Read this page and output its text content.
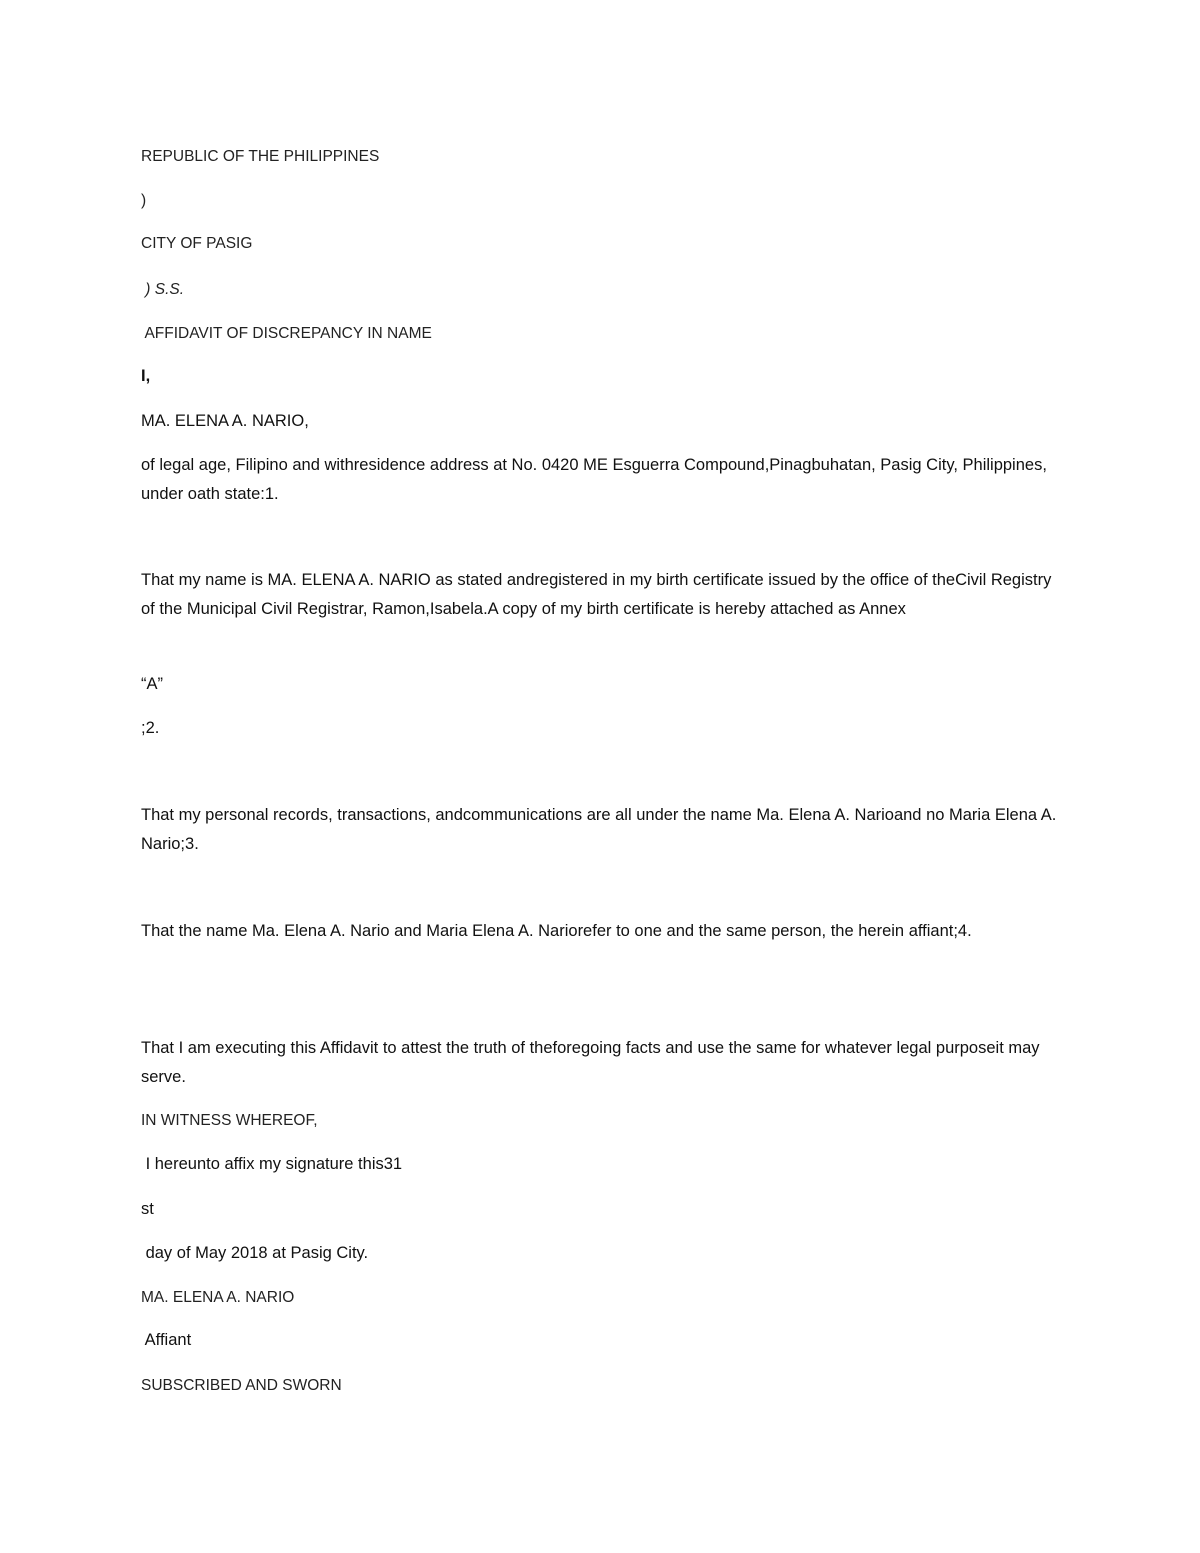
REPUBLIC OF THE PHILIPPINES
)
CITY OF PASIG
) S.S.
AFFIDAVIT OF DISCREPANCY IN NAME
I,
MA. ELENA A. NARIO,
of legal age, Filipino and withresidence address at No. 0420 ME Esguerra Compound,Pinagbuhatan, Pasig City, Philippines, under oath state:1.
That my name is MA. ELENA A. NARIO as stated andregistered in my birth certificate issued by the office of theCivil Registry of the Municipal Civil Registrar, Ramon,Isabela.A copy of my birth certificate is hereby attached as Annex
“A”
;2.
That my personal records, transactions, andcommunications are all under the name Ma. Elena A. Narioand no Maria Elena A. Nario;3.
That the name Ma. Elena A. Nario and Maria Elena A. Nariorefer to one and the same person, the herein affiant;4.
That I am executing this Affidavit to attest the truth of theforegoing facts and use the same for whatever legal purposeit may serve.
IN WITNESS WHEREOF,
I hereunto affix my signature this31
st
day of May 2018 at Pasig City.
MA. ELENA A. NARIO
Affiant
SUBSCRIBED AND SWORN
